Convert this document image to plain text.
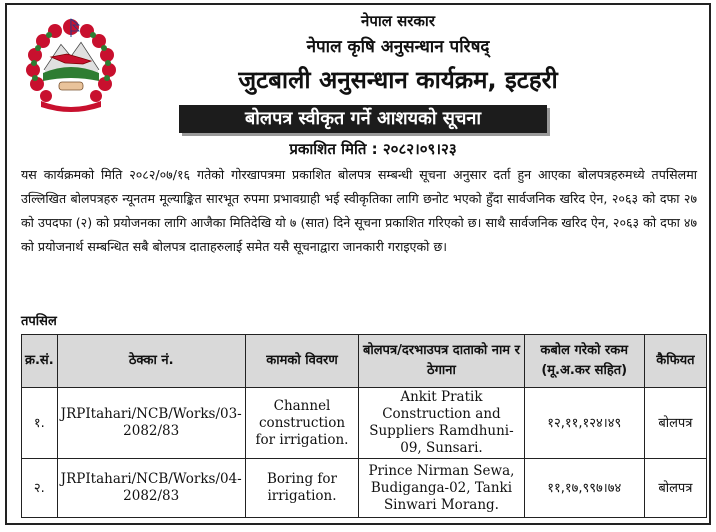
नेपाल सरकार
नेपाल कृषि अनुसन्धान परिषद्
जुटबाली अनुसन्धान कार्यक्रम, इटहरी
बोलपत्र स्वीकृत गर्ने आशयको सूचना
प्रकाशित मिति : २०८२।०९।२३
यस कार्यक्रमको मिति २०८२/०७/१६ गतेको गोरखापत्रमा प्रकाशित बोलपत्र सम्बन्धी सूचना अनुसार दर्ता हुन आएका बोलपत्रहरुमध्ये तपसिलमा उल्लिखित बोलपत्रहरु न्यूनतम मूल्याङ्कित सारभूत रुपमा प्रभावग्राही भई स्वीकृतिका लागि छनोट भएको हुँदा सार्वजनिक खरिद ऐन, २०६३ को दफा २७ को उपदफा (२) को प्रयोजनका लागि आजैका मितिदेखि यो ७ (सात) दिने सूचना प्रकाशित गरिएको छ। साथै सार्वजनिक खरिद ऐन, २०६३ को दफा ४७ को प्रयोजनार्थ सम्बन्धित सबै बोलपत्र दाताहरुलाई समेत यसै सूचनाद्वारा जानकारी गराइएको छ।
तपसिल
क्र.सं.	ठेक्का नं.	कामको विवरण	बोलपत्र/दरभाउपत्र दाताको नाम र ठेगाना	कबोल गरेको रकम (मू.अ.कर सहित)	कैफियत
१.	JRPItahari/NCB/Works/03-2082/83	Channel construction for irrigation.	Ankit Pratik Construction and Suppliers Ramdhuni-09, Sunsari.	१२,११,१२४।४९	बोलपत्र
२.	JRPItahari/NCB/Works/04-2082/83	Boring for irrigation.	Prince Nirman Sewa, Budiganga-02, Tanki Sinwari Morang.	११,१७,९९७।७४	बोलपत्र
